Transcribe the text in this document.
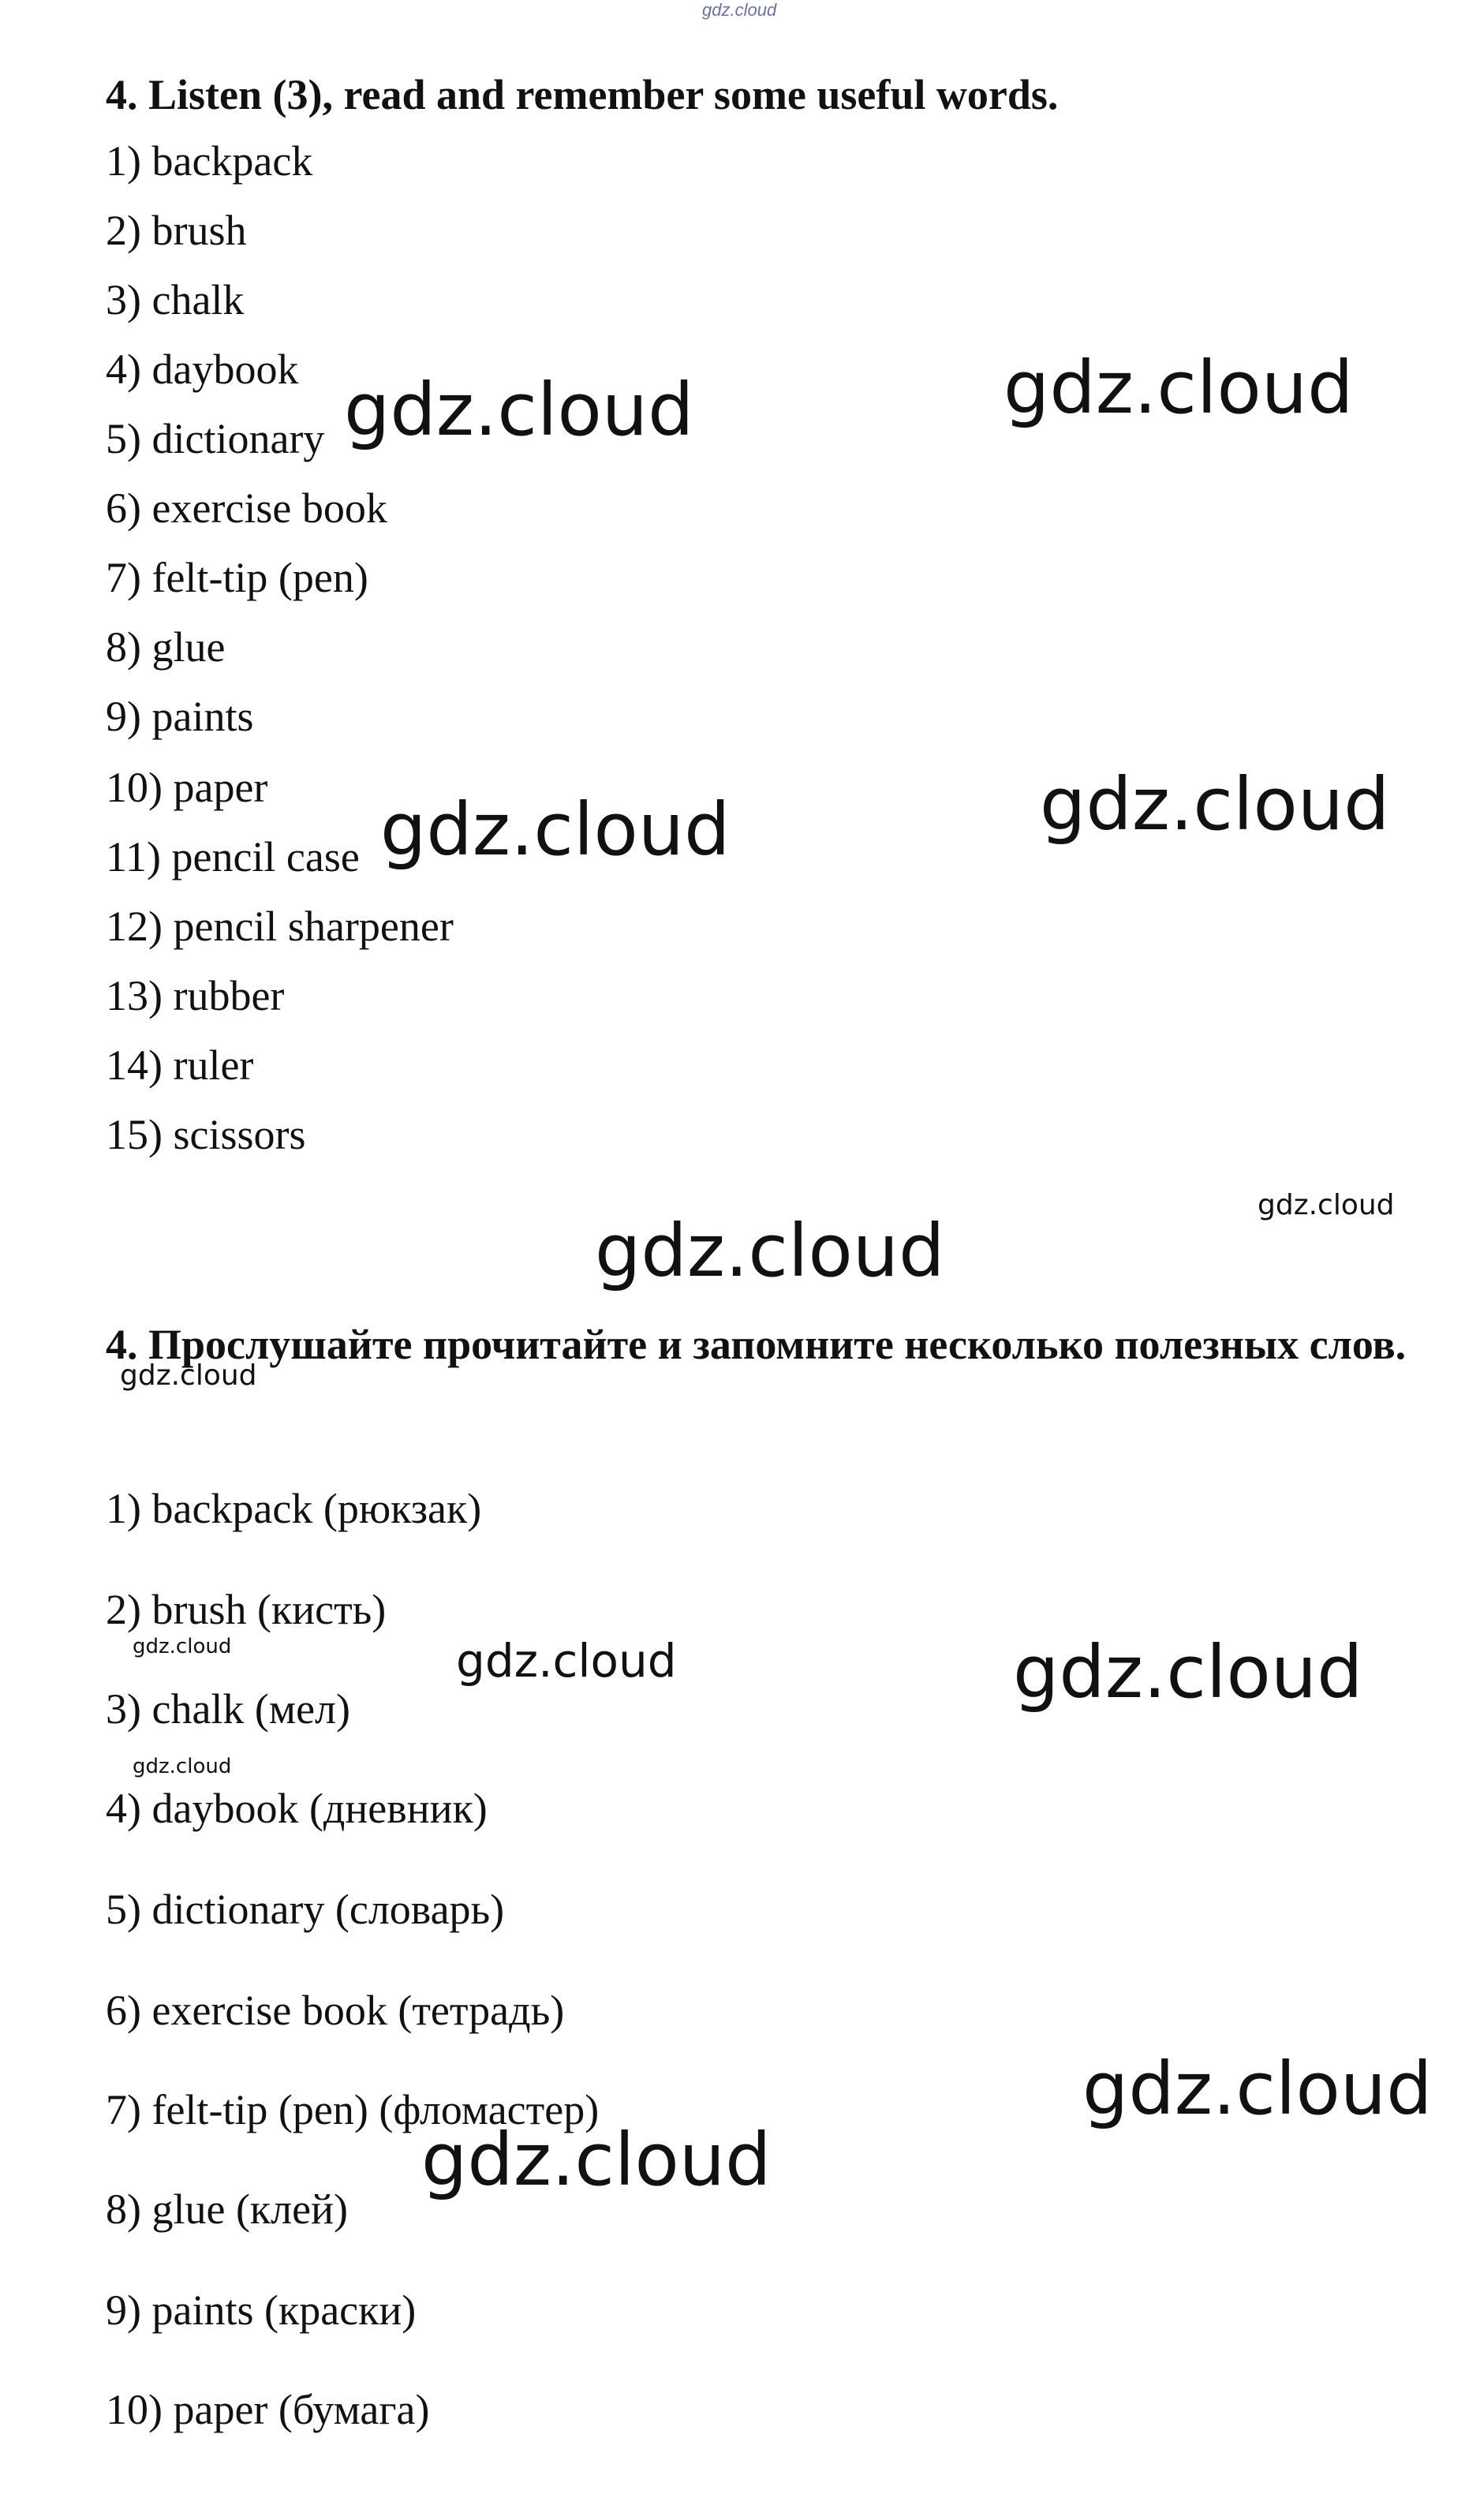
gdz.cloud
4. Listen (3), read and remember some useful words.
1) backpack
2) brush
3) chalk
4) daybook
5) dictionary
6) exercise book
7) felt-tip (pen)
8) glue
9) paints
10) paper
11) pencil case
12) pencil sharpener
13) rubber
14) ruler
15) scissors
4. Прослушайте прочитайте и запомните несколько полезных слов.
1) backpack (рюкзак)
2) brush (кисть)
3) chalk (мел)
4) daybook (дневник)
5) dictionary (словарь)
6) exercise book (тетрадь)
7) felt-tip (pen) (фломастер)
8) glue (клей)
9) paints (краски)
10) paper (бумага)
gdz.cloud	gdz.cloud
gdz.cloud	gdz.cloud
gdz.cloud
gdz.cloud
gdz.cloud
gdz.cloud	gdz.cloud	gdz.cloud
gdz.cloud
gdz.cloud
gdz.cloud
